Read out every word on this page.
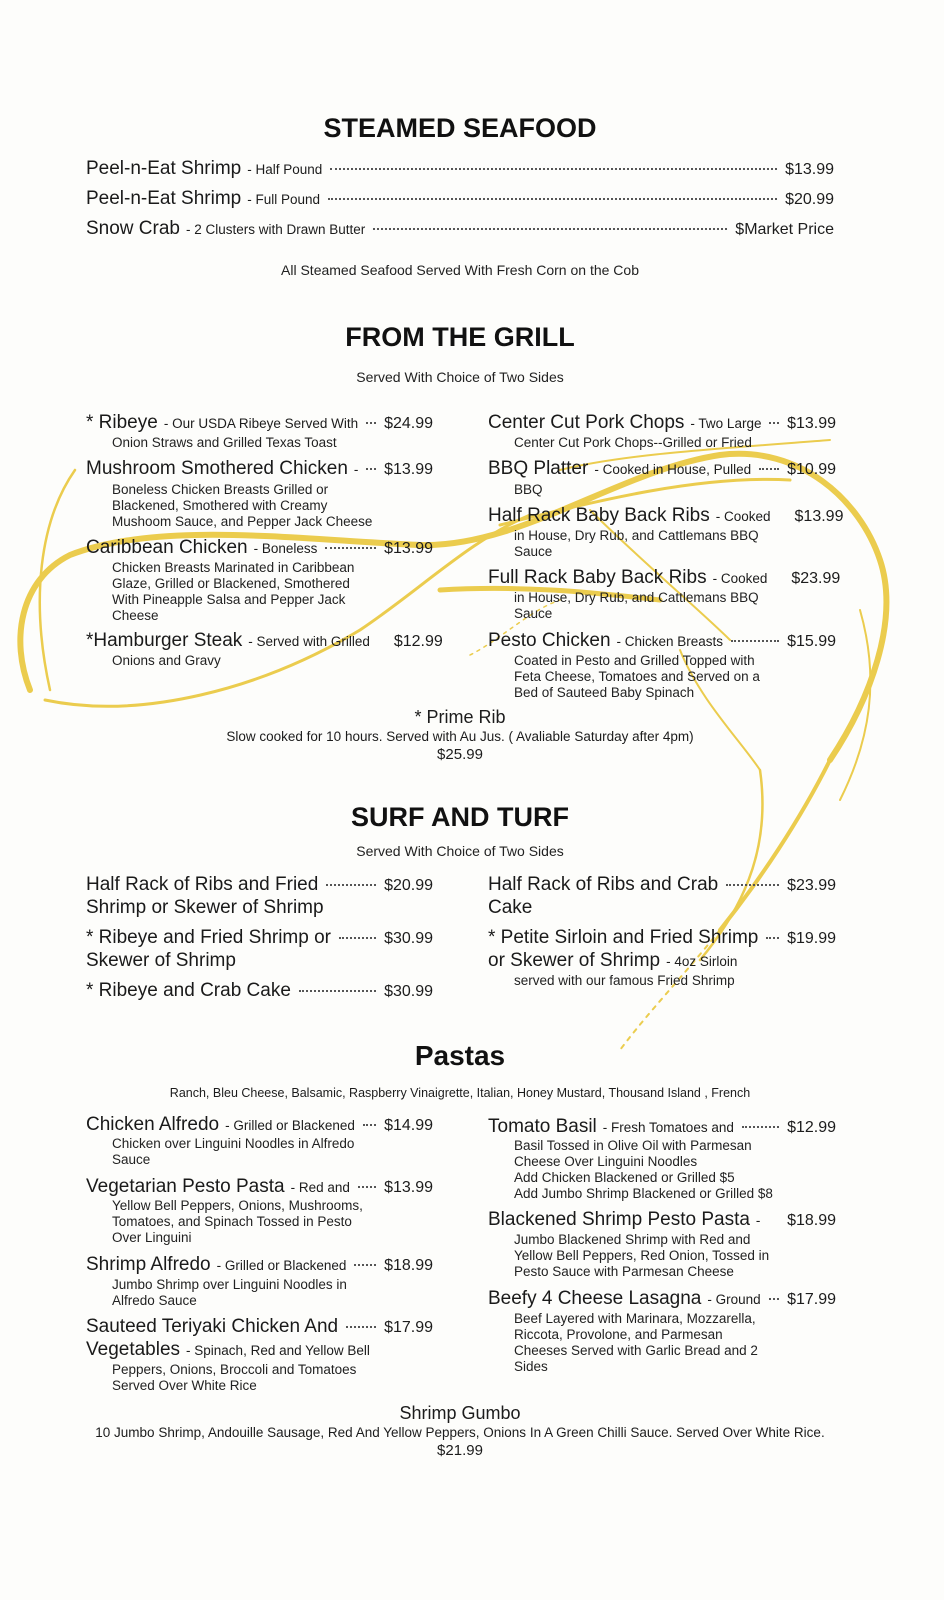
STEAMED SEAFOOD
Peel-n-Eat Shrimp - Half Pound	$13.99
Peel-n-Eat Shrimp - Full Pound	$20.99
Snow Crab - 2 Clusters with Drawn Butter	$Market Price
All Steamed Seafood Served With Fresh Corn on the Cob
FROM THE GRILL
Served With Choice of Two Sides
* Ribeye - Our USDA Ribeye Served With $24.99
Onion Straws and Grilled Texas Toast
Mushroom Smothered Chicken - $13.99
Boneless Chicken Breasts Grilled or
Blackened, Smothered with Creamy
Mushoom Sauce, and Pepper Jack Cheese
Caribbean Chicken - Boneless	$13.99
Chicken Breasts Marinated in Caribbean
Glaze, Grilled or Blackened, Smothered
With Pineapple Salsa and Pepper Jack
Cheese
*Hamburger Steak - Served with Grilled $12.99
Onions and Gravy
Center Cut Pork Chops - Two Large $13.99
Center Cut Pork Chops--Grilled or Fried
BBQ Platter - Cooked in House, Pulled $10.99
BBQ
Half Rack Baby Back Ribs - Cooked $13.99
in House, Dry Rub, and Cattlemans BBQ
Sauce
Full Rack Baby Back Ribs - Cooked $23.99
in House, Dry Rub, and Cattlemans BBQ
Sauce
Pesto Chicken - Chicken Breasts	$15.99
Coated in Pesto and Grilled Topped with
Feta Cheese, Tomatoes and Served on a
Bed of Sauteed Baby Spinach
* Prime Rib
Slow cooked for 10 hours. Served with Au Jus. ( Avaliable Saturday after 4pm)
$25.99
SURF AND TURF
Served With Choice of Two Sides
Half Rack of Ribs and Fried	$20.99
Shrimp or Skewer of Shrimp
* Ribeye and Fried Shrimp or	$30.99
Skewer of Shrimp
* Ribeye and Crab Cake	$30.99
Half Rack of Ribs and Crab	$23.99
Cake
* Petite Sirloin and Fried Shrimp $19.99
or Skewer of Shrimp - 4oz Sirloin
served with our famous Fried Shrimp
Pastas
Ranch, Bleu Cheese, Balsamic, Raspberry Vinaigrette, Italian, Honey Mustard, Thousand Island , French
Chicken Alfredo - Grilled or Blackened $14.99
Chicken over Linguini Noodles in Alfredo
Sauce
Vegetarian Pesto Pasta - Red and $13.99
Yellow Bell Peppers, Onions, Mushrooms,
Tomatoes, and Spinach Tossed in Pesto
Over Linguini
Shrimp Alfredo - Grilled or Blackened $18.99
Jumbo Shrimp over Linguini Noodles in
Alfredo Sauce
Sauteed Teriyaki Chicken And	$17.99
Vegetables - Spinach, Red and Yellow Bell
Peppers, Onions, Broccoli and Tomatoes
Served Over White Rice
Tomato Basil - Fresh Tomatoes and	$12.99
Basil Tossed in Olive Oil with Parmesan
Cheese Over Linguini Noodles
Add Chicken Blackened or Grilled $5
Add Jumbo Shrimp Blackened or Grilled $8
Blackened Shrimp Pesto Pasta - $18.99
Jumbo Blackened Shrimp with Red and
Yellow Bell Peppers, Red Onion, Tossed in
Pesto Sauce with Parmesan Cheese
Beefy 4 Cheese Lasagna - Ground $17.99
Beef Layered with Marinara, Mozzarella,
Riccota, Provolone, and Parmesan
Cheeses Served with Garlic Bread and 2
Sides
Shrimp Gumbo
10 Jumbo Shrimp, Andouille Sausage, Red And Yellow Peppers, Onions In A Green Chilli Sauce. Served Over White Rice.
$21.99
